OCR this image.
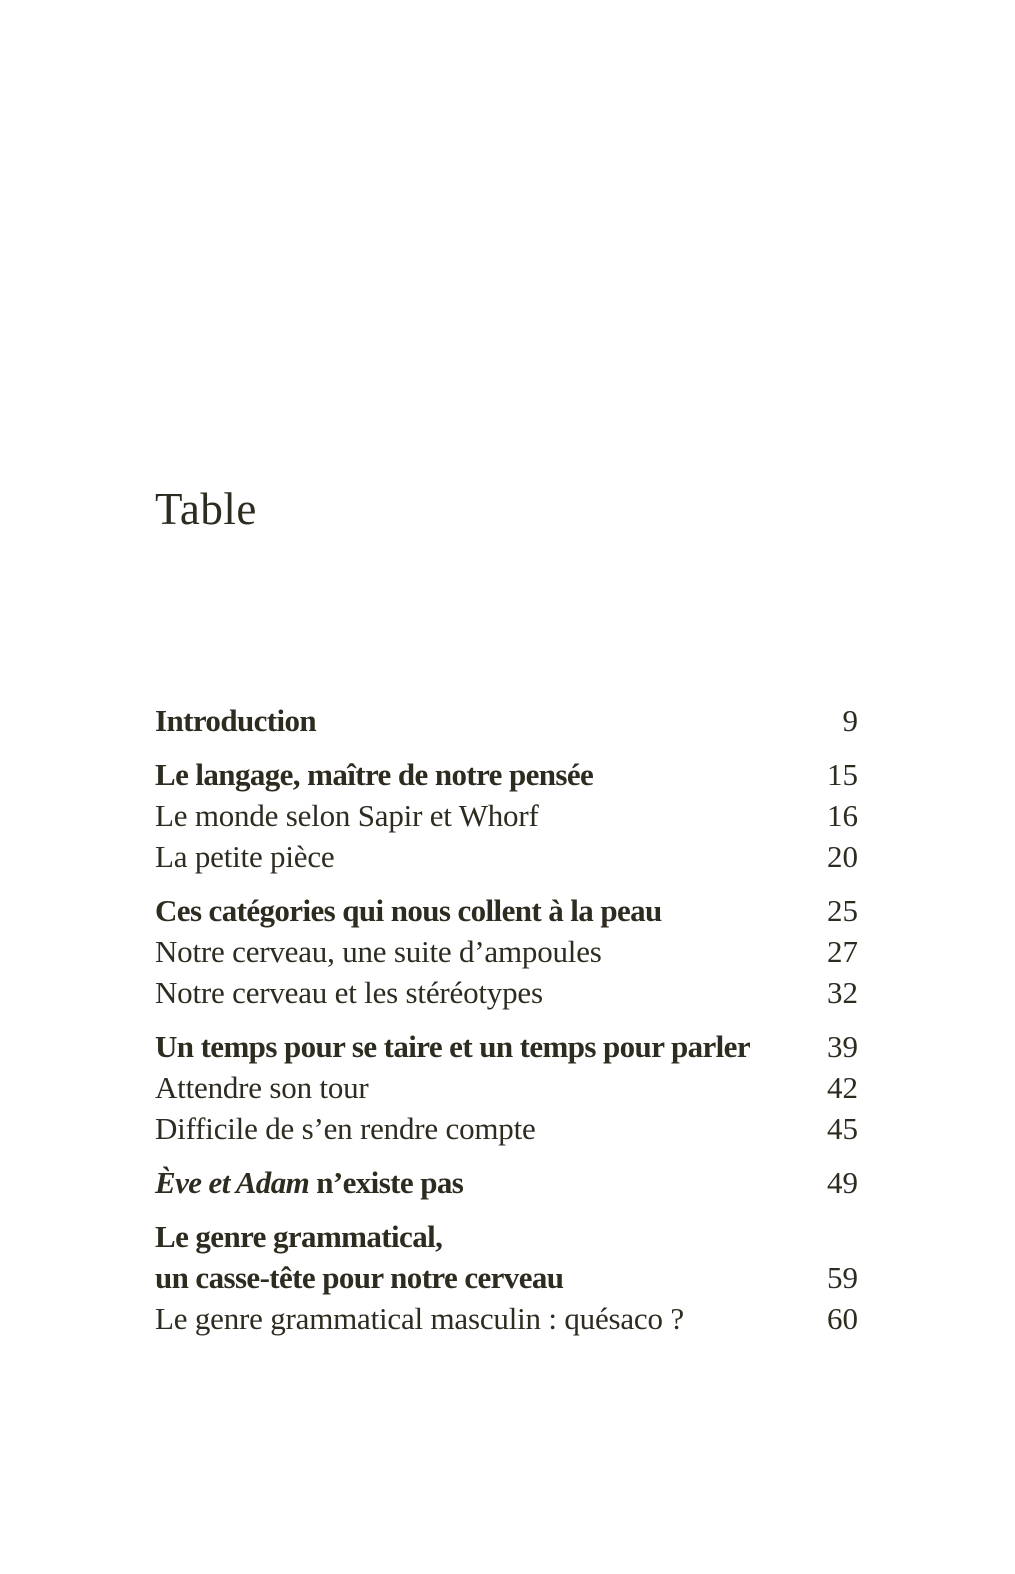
Table
Introduction	9
Le langage, maître de notre pensée	15
Le monde selon Sapir et Whorf	16
La petite pièce	20
Ces catégories qui nous collent à la peau	25
Notre cerveau, une suite d’ampoules	27
Notre cerveau et les stéréotypes	32
Un temps pour se taire et un temps pour parler 39
Attendre son tour	42
Difficile de s’en rendre compte	45
Ève et Adam n’existe pas	49
Le genre grammatical,
un casse-tête pour notre cerveau	59
Le genre grammatical masculin : quésaco ?	60
